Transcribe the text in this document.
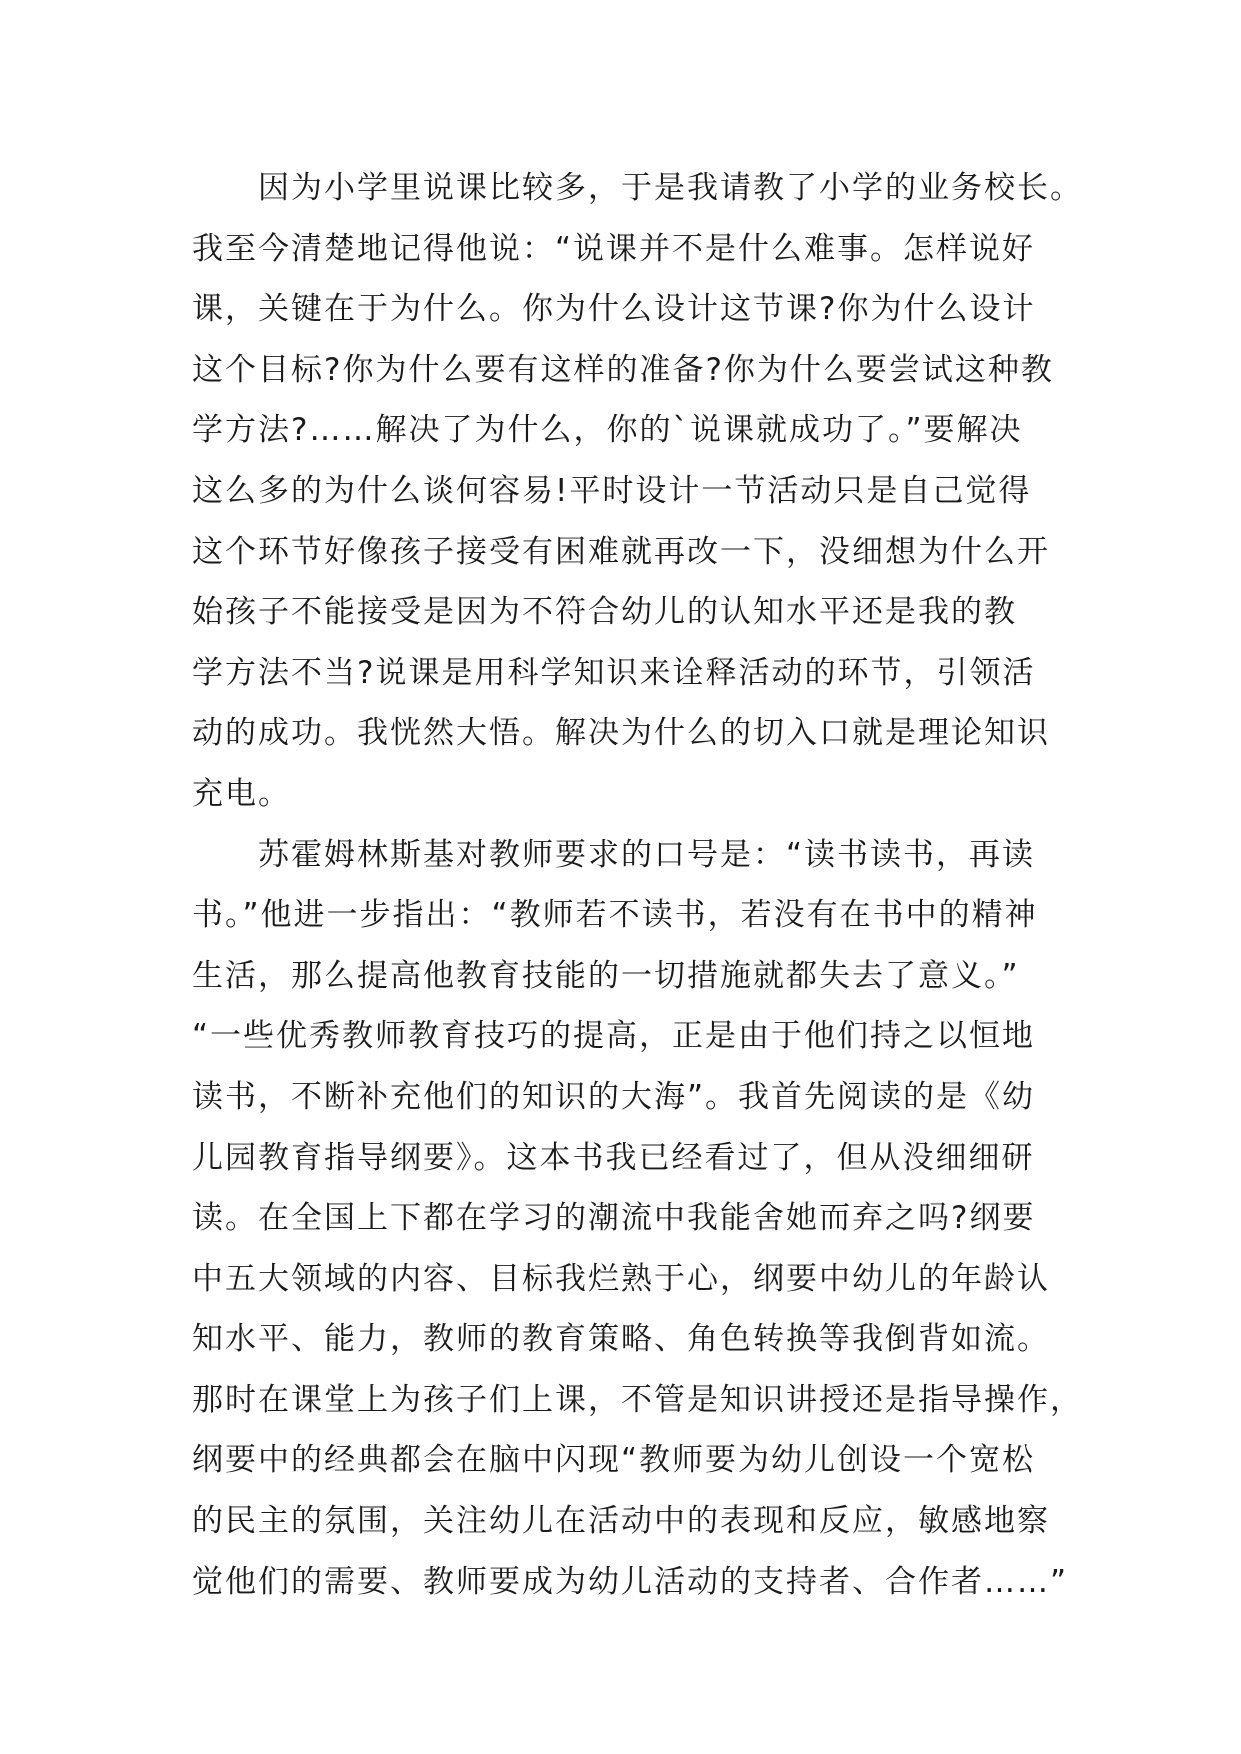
因为小学里说课比较多，于是我请教了小学的业务校长。
我至今清楚地记得他说：“说课并不是什么难事。怎样说好
课，关键在于为什么。你为什么设计这节课?你为什么设计
这个目标?你为什么要有这样的准备?你为什么要尝试这种教
学方法?……解决了为什么，你的`说课就成功了。”要解决
这么多的为什么谈何容易!平时设计一节活动只是自己觉得
这个环节好像孩子接受有困难就再改一下，没细想为什么开
始孩子不能接受是因为不符合幼儿的认知水平还是我的教
学方法不当?说课是用科学知识来诠释活动的环节，引领活
动的成功。我恍然大悟。解决为什么的切入口就是理论知识
充电。
苏霍姆林斯基对教师要求的口号是：“读书读书，再读
书。”他进一步指出：“教师若不读书，若没有在书中的精神
生活，那么提高他教育技能的一切措施就都失去了意义。”
“一些优秀教师教育技巧的提高，正是由于他们持之以恒地
读书，不断补充他们的知识的大海”。我首先阅读的是《幼
儿园教育指导纲要》。这本书我已经看过了，但从没细细研
读。在全国上下都在学习的潮流中我能舍她而弃之吗?纲要
中五大领域的内容、目标我烂熟于心，纲要中幼儿的年龄认
知水平、能力，教师的教育策略、角色转换等我倒背如流。
那时在课堂上为孩子们上课，不管是知识讲授还是指导操作，
纲要中的经典都会在脑中闪现“教师要为幼儿创设一个宽松
的民主的氛围，关注幼儿在活动中的表现和反应，敏感地察
觉他们的需要、教师要成为幼儿活动的支持者、合作者……”
